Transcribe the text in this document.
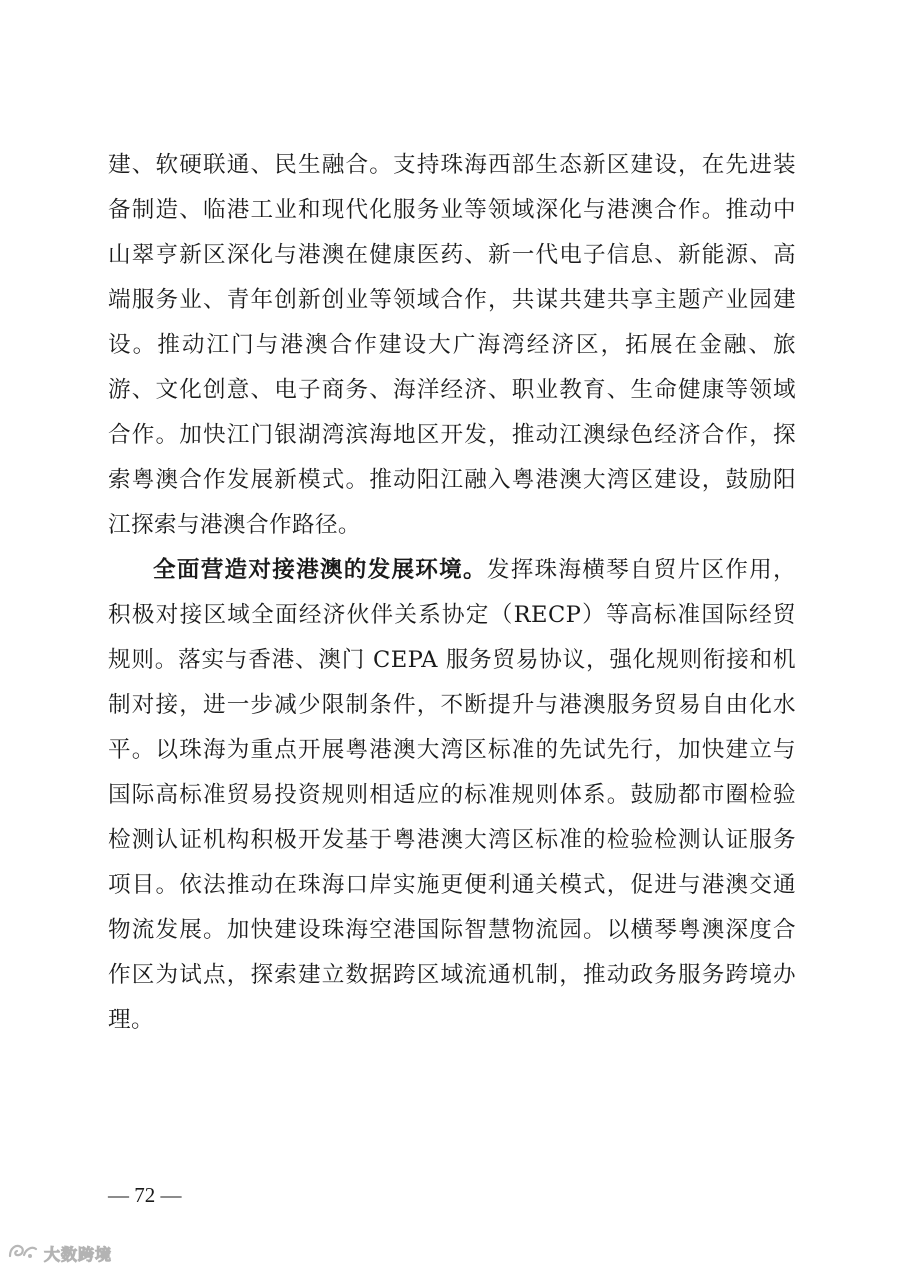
建、软硬联通、民生融合。支持珠海西部生态新区建设，在先进装备制造、临港工业和现代化服务业等领域深化与港澳合作。推动中山翠亨新区深化与港澳在健康医药、新一代电子信息、新能源、高端服务业、青年创新创业等领域合作，共谋共建共享主题产业园建设。推动江门与港澳合作建设大广海湾经济区，拓展在金融、旅游、文化创意、电子商务、海洋经济、职业教育、生命健康等领域合作。加快江门银湖湾滨海地区开发，推动江澳绿色经济合作，探索粤澳合作发展新模式。推动阳江融入粤港澳大湾区建设，鼓励阳江探索与港澳合作路径。

全面营造对接港澳的发展环境。发挥珠海横琴自贸片区作用，积极对接区域全面经济伙伴关系协定（RECP）等高标准国际经贸规则。落实与香港、澳门 CEPA 服务贸易协议，强化规则衔接和机制对接，进一步减少限制条件，不断提升与港澳服务贸易自由化水平。以珠海为重点开展粤港澳大湾区标准的先试先行，加快建立与国际高标准贸易投资规则相适应的标准规则体系。鼓励都市圈检验检测认证机构积极开发基于粤港澳大湾区标准的检验检测认证服务项目。依法推动在珠海口岸实施更便利通关模式，促进与港澳交通物流发展。加快建设珠海空港国际智慧物流园。以横琴粤澳深度合作区为试点，探索建立数据跨区域流通机制，推动政务服务跨境办理。

— 72 —
大数跨境
